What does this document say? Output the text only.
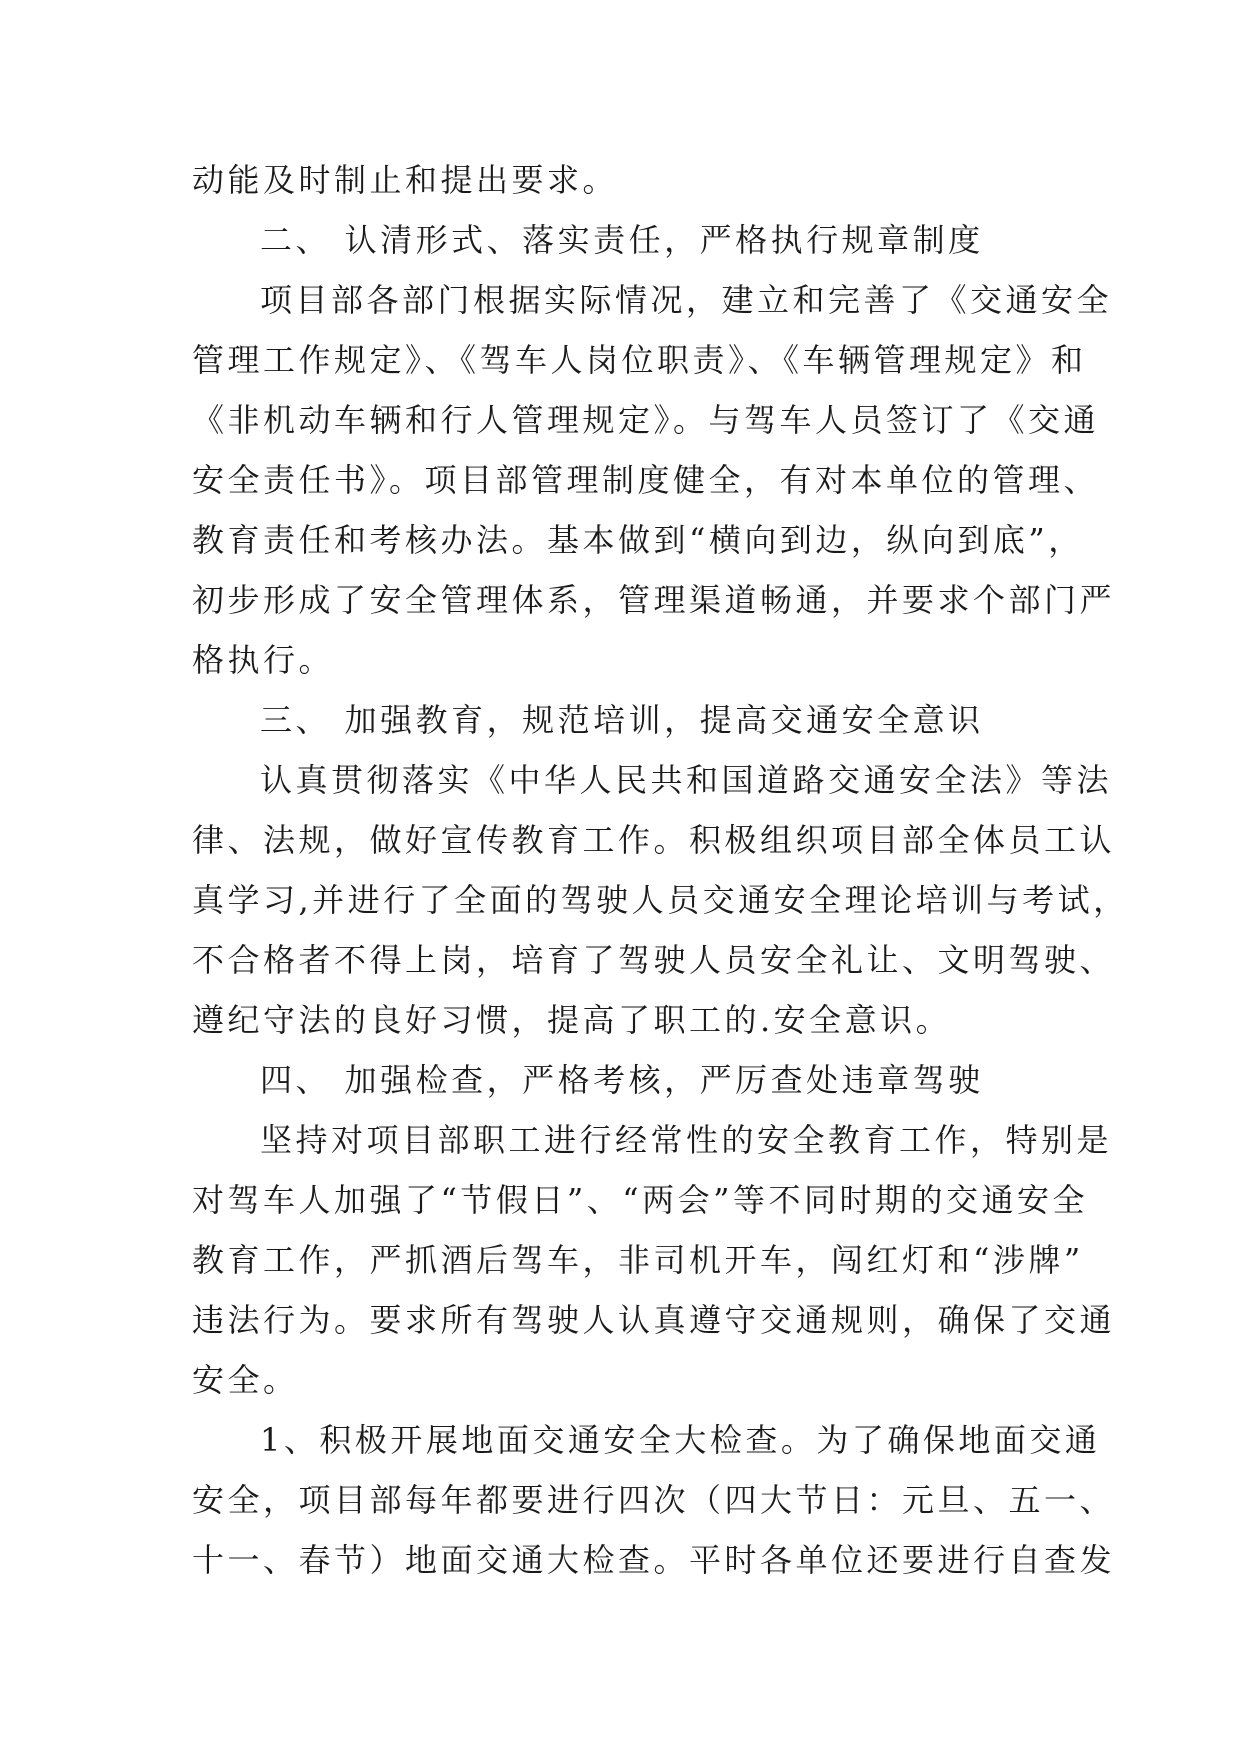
动能及时制止和提出要求。
二、 认清形式、落实责任，严格执行规章制度
项目部各部门根据实际情况，建立和完善了《交通安全
管理工作规定》、《驾车人岗位职责》、《车辆管理规定》和
《非机动车辆和行人管理规定》。与驾车人员签订了《交通
安全责任书》。项目部管理制度健全，有对本单位的管理、
教育责任和考核办法。基本做到“横向到边，纵向到底”，
初步形成了安全管理体系，管理渠道畅通，并要求个部门严
格执行。
三、 加强教育，规范培训，提高交通安全意识
认真贯彻落实《中华人民共和国道路交通安全法》等法
律、法规，做好宣传教育工作。积极组织项目部全体员工认
真学习,并进行了全面的驾驶人员交通安全理论培训与考试，
不合格者不得上岗，培育了驾驶人员安全礼让、文明驾驶、
遵纪守法的良好习惯，提高了职工的.安全意识。
四、 加强检查，严格考核，严厉查处违章驾驶
坚持对项目部职工进行经常性的安全教育工作，特别是
对驾车人加强了“节假日”、“两会”等不同时期的交通安全
教育工作，严抓酒后驾车，非司机开车，闯红灯和“涉牌”
违法行为。要求所有驾驶人认真遵守交通规则，确保了交通
安全。
1、积极开展地面交通安全大检查。为了确保地面交通
安全，项目部每年都要进行四次（四大节日：元旦、五一、
十一、春节）地面交通大检查。平时各单位还要进行自查发
